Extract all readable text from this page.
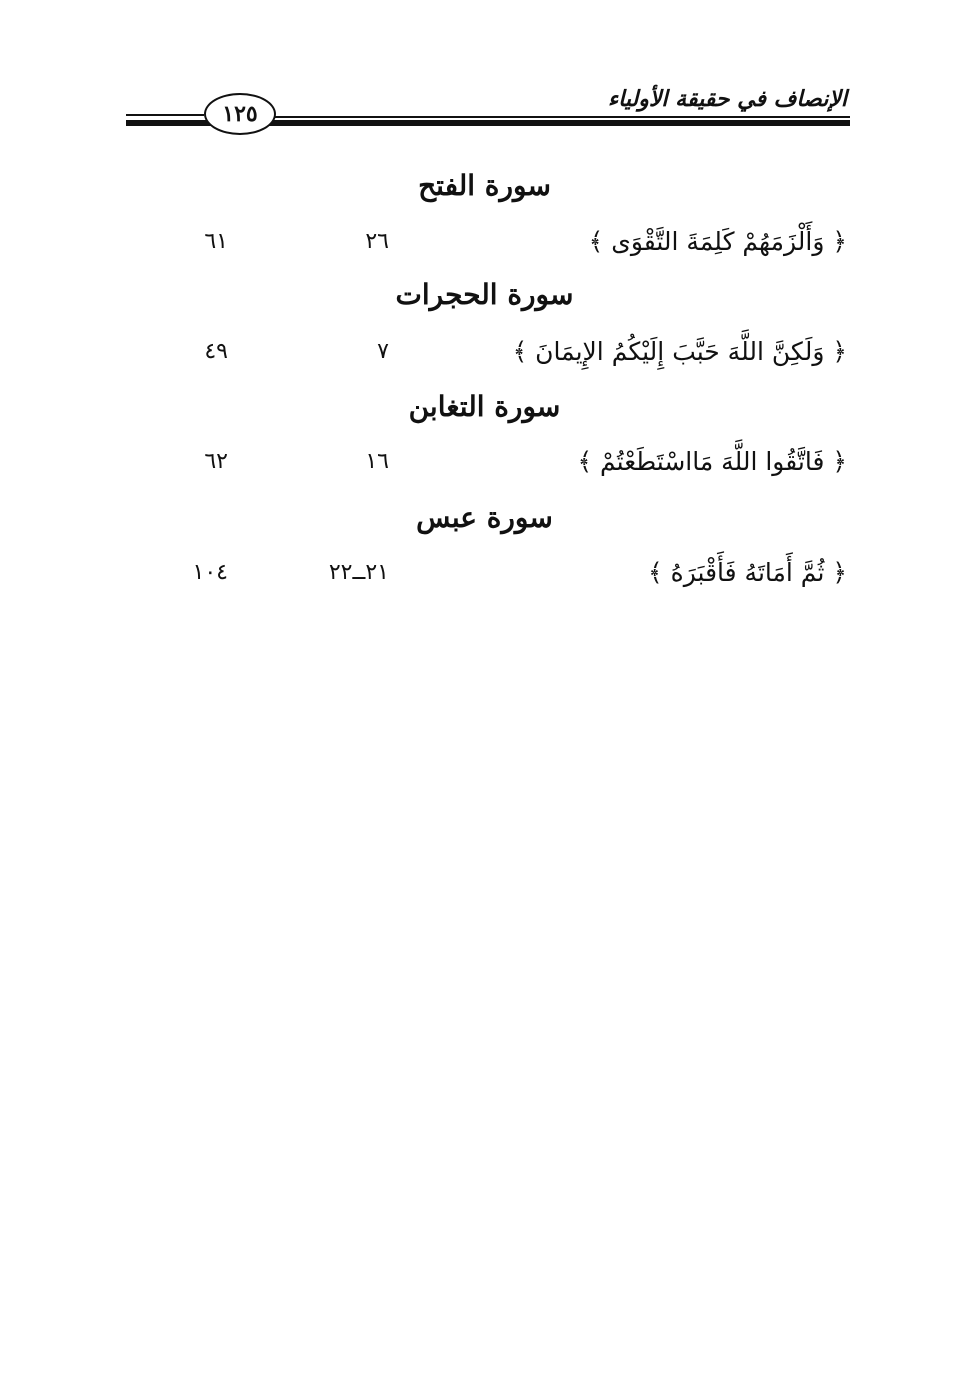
الإنصاف في حقيقة الأولياء
١٢٥
سورة الفتح
﴿ وَأَلْزَمَهُمْ كَلِمَةَ التَّقْوَى ﴾
٢٦
٦١
سورة الحجرات
﴿ وَلَكِنَّ اللَّهَ حَبَّبَ إِلَيْكُمُ الإِيمَانَ ﴾
٧
٤٩
سورة التغابن
﴿ فَاتَّقُوا اللَّهَ مَااسْتَطَعْتُمْ ﴾
١٦
٦٢
سورة عبس
﴿ ثُمَّ أَمَاتَهُ فَأَقْبَرَهُ ﴾
٢١ــ٢٢
١٠٤
